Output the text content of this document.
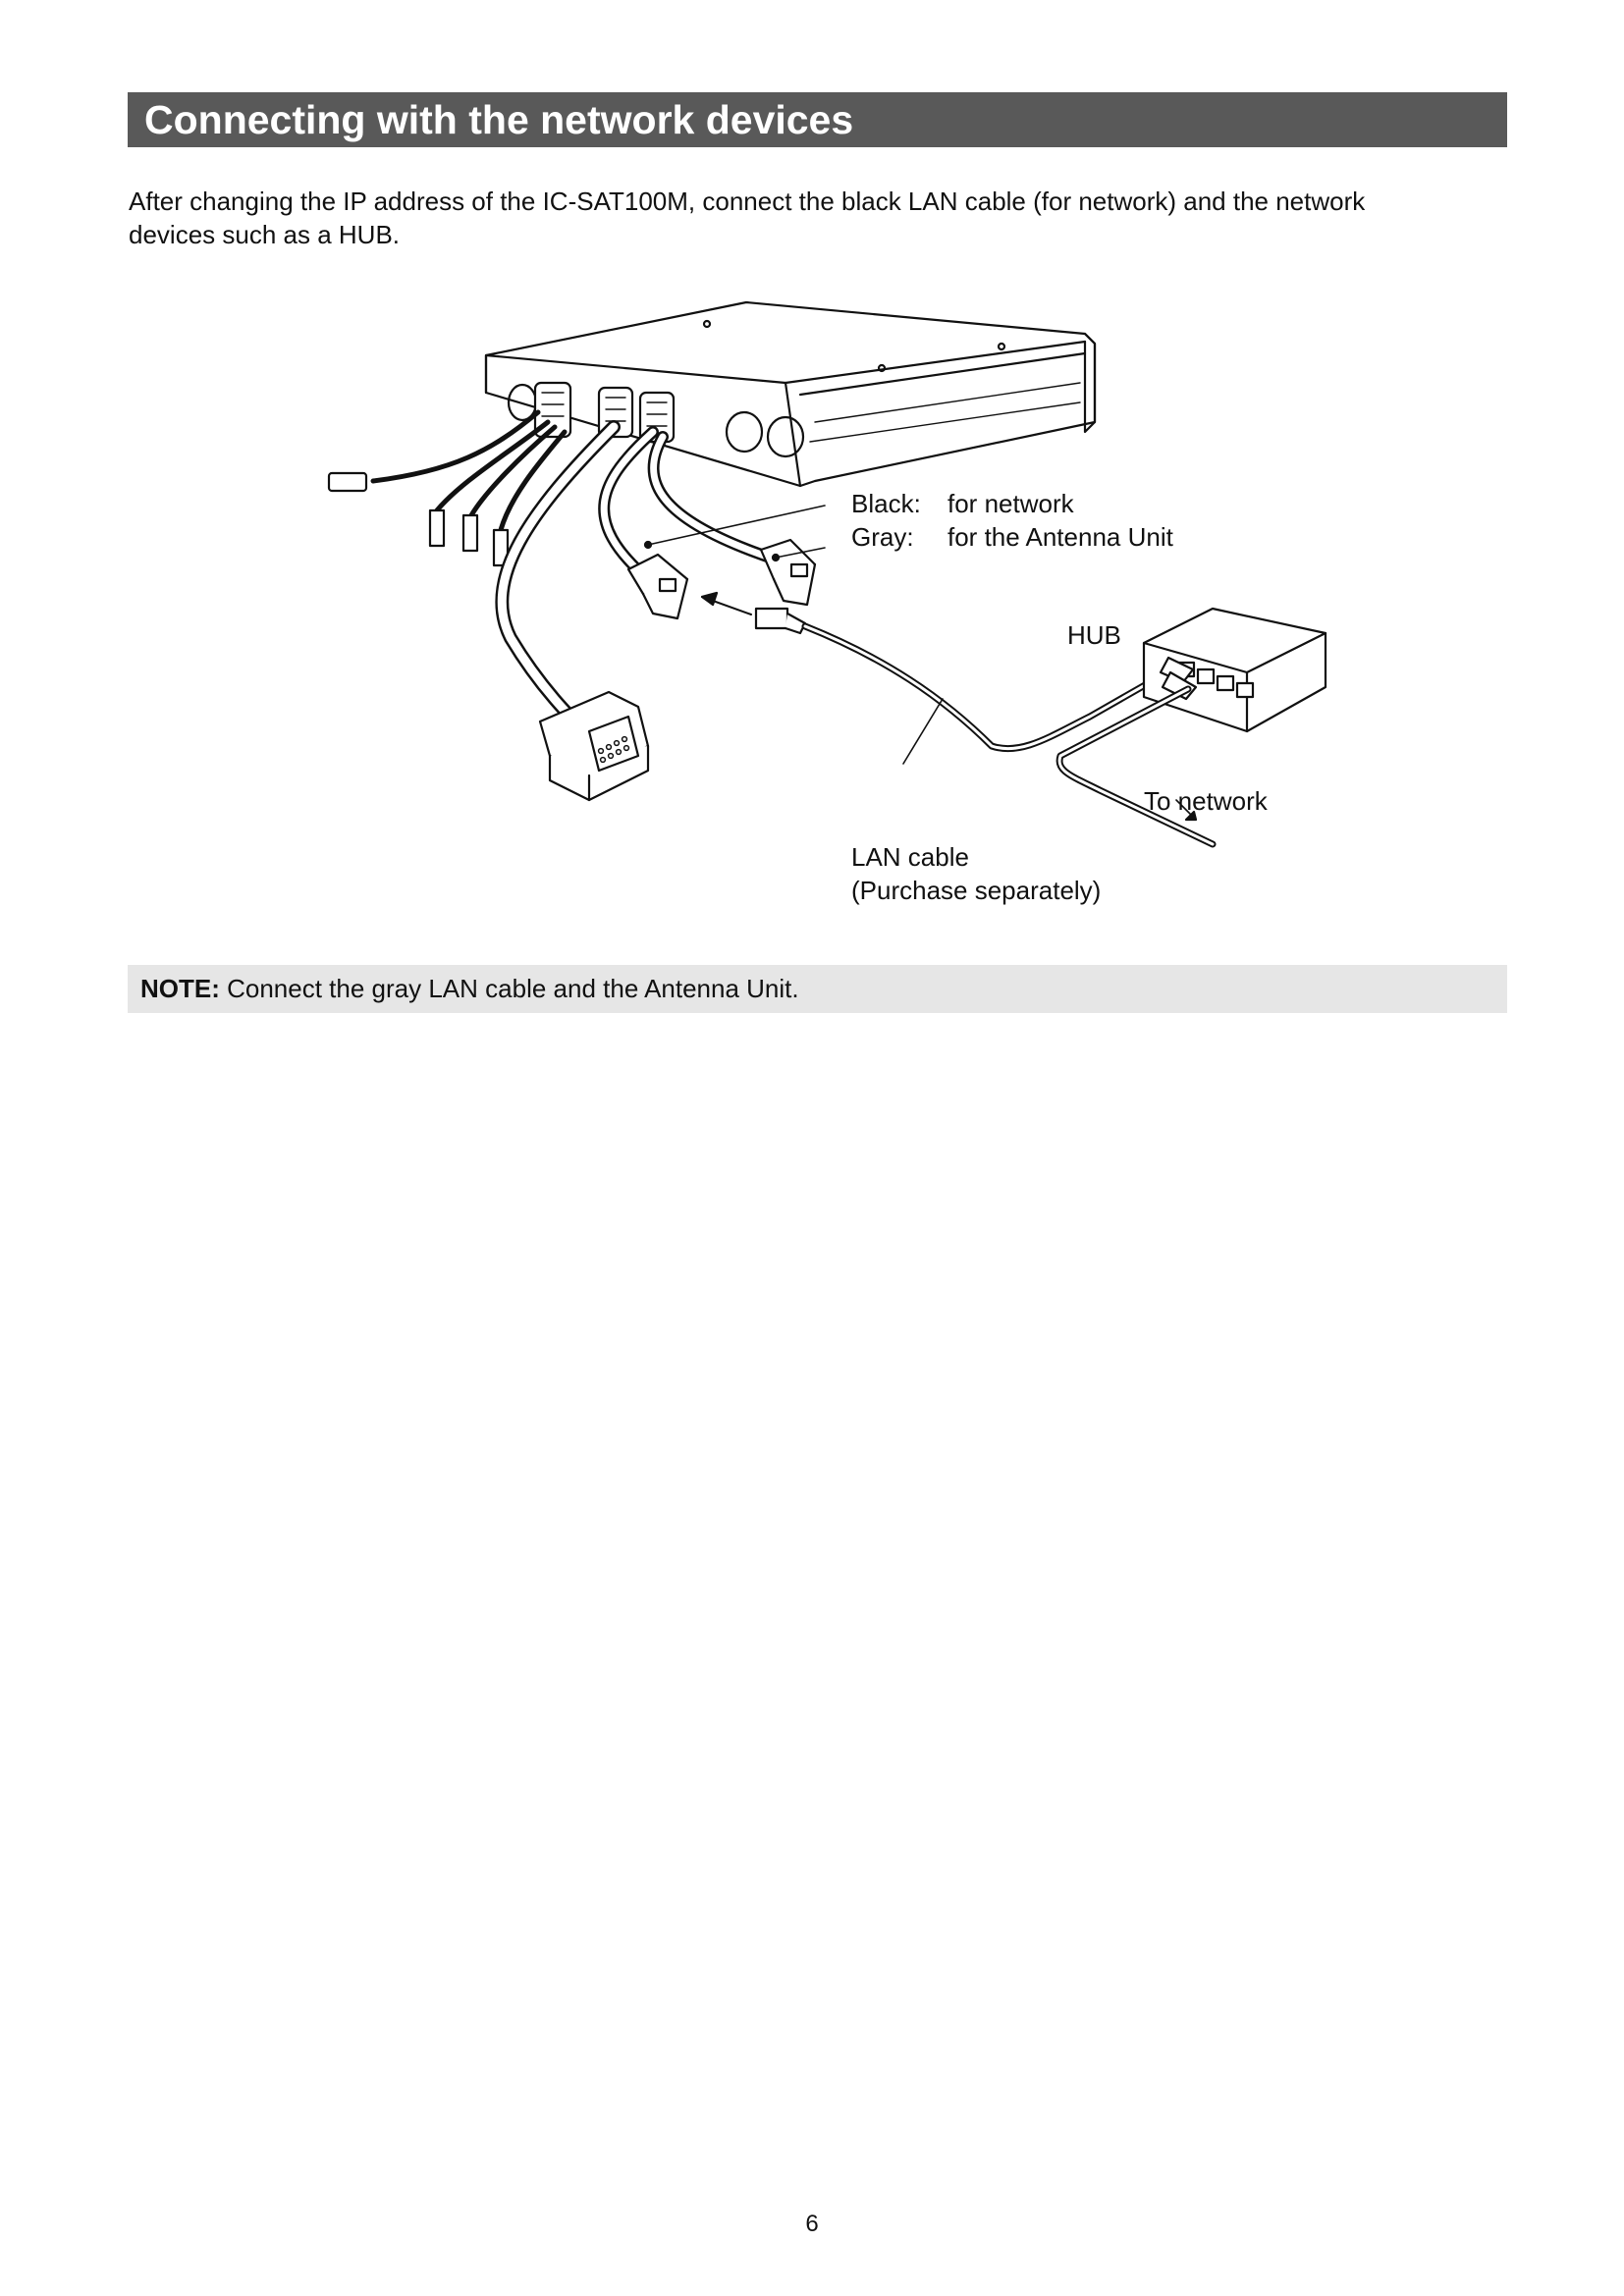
Connecting with the network devices
After changing the IP address of the IC-SAT100M, connect the black LAN cable (for network) and the network
devices such as a HUB.
Black: for network
Gray: for the Antenna Unit
HUB
To network
LAN cable
(Purchase separately)
NOTE: Connect the gray LAN cable and the Antenna Unit.
6
